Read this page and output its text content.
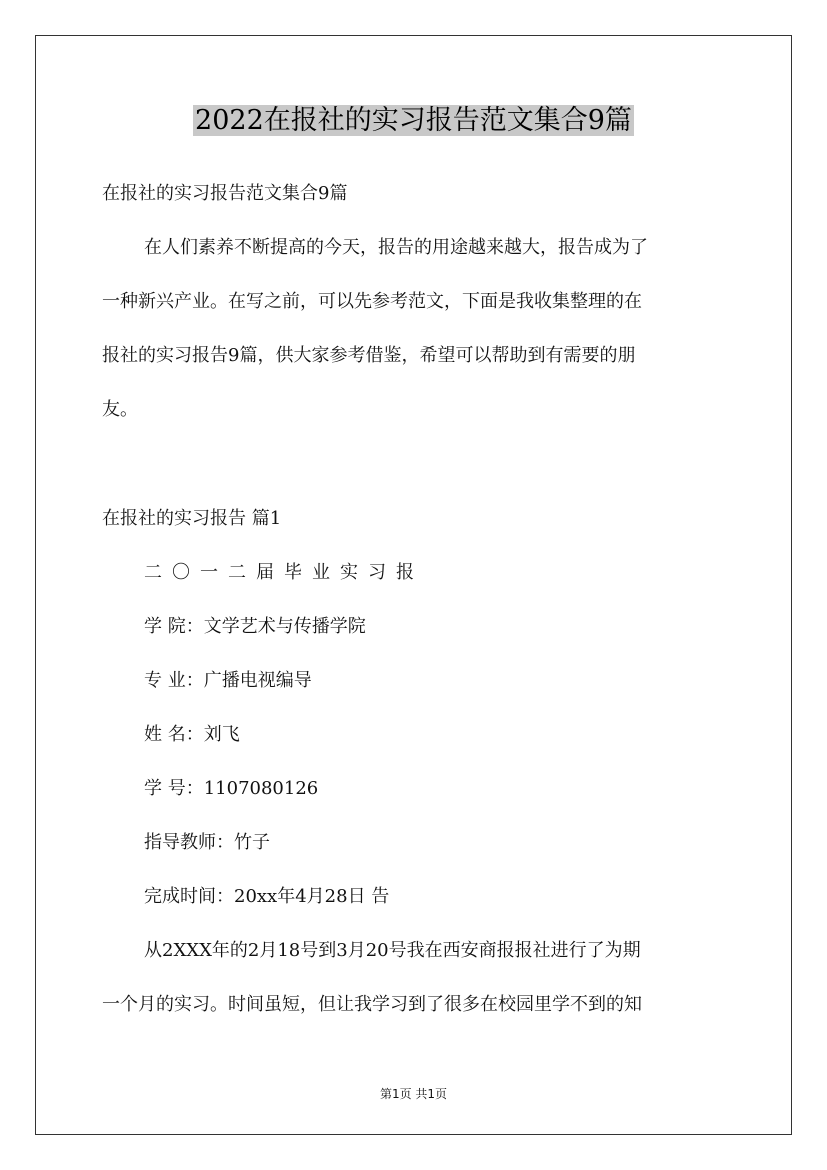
2022在报社的实习报告范文集合9篇
在报社的实习报告范文集合9篇
在人们素养不断提高的今天，报告的用途越来越大，报告成为了
一种新兴产业。在写之前，可以先参考范文，下面是我收集整理的在
报社的实习报告9篇，供大家参考借鉴，希望可以帮助到有需要的朋
友。
在报社的实习报告 篇1
二〇一二届毕业实习报
学 院：文学艺术与传播学院
专 业：广播电视编导
姓 名：刘飞
学 号：1107080126
指导教师：竹子
完成时间：20xx年4月28日 告
从2XXX年的2月18号到3月20号我在西安商报报社进行了为期
一个月的实习。时间虽短，但让我学习到了很多在校园里学不到的知
第1页 共1页
